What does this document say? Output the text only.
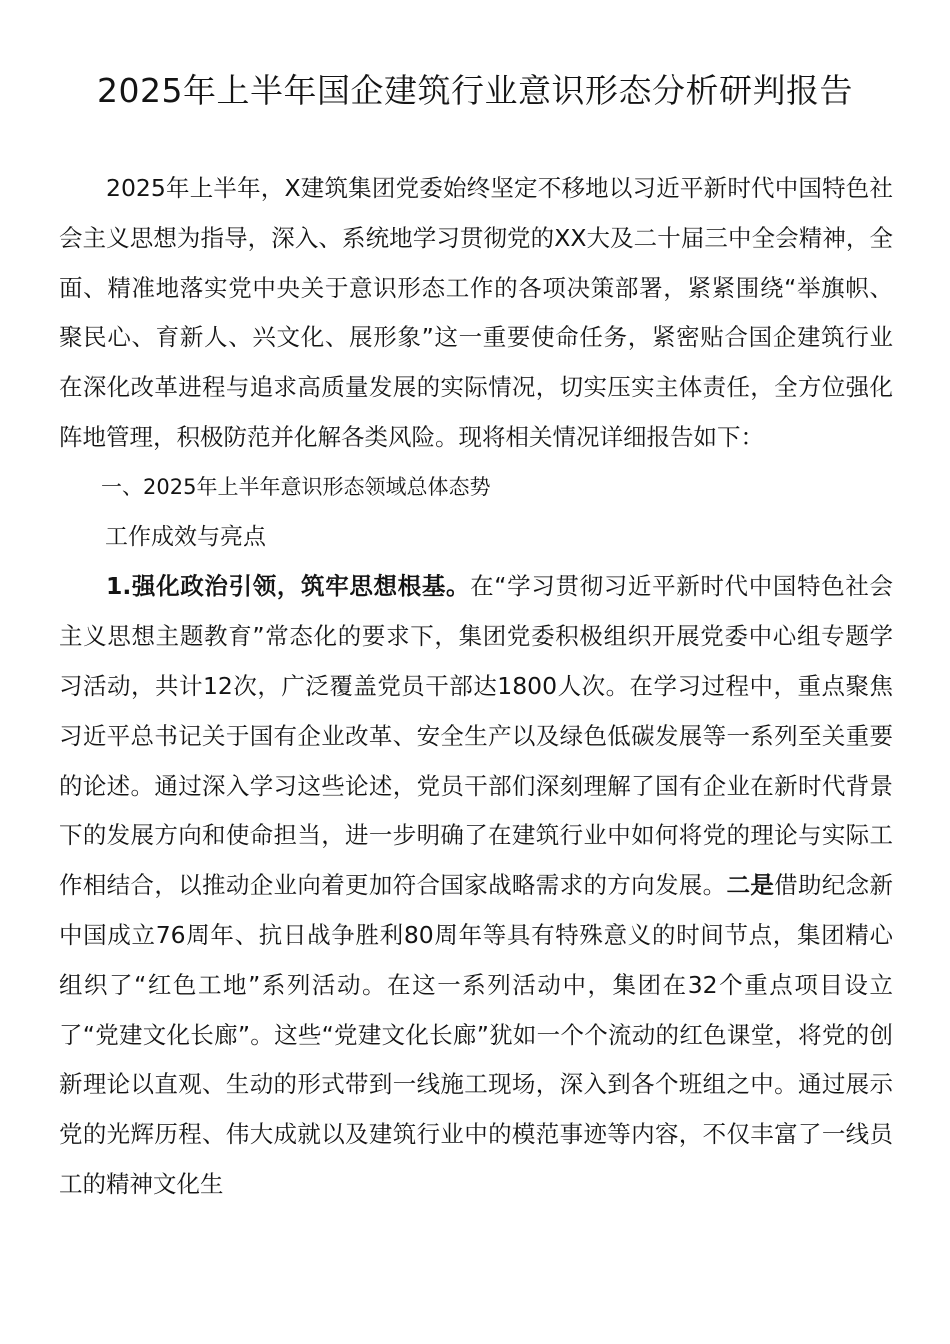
2025年上半年国企建筑行业意识形态分析研判报告

2025年上半年，X建筑集团党委始终坚定不移地以习近平新时代中国特色社会主义思想为指导，深入、系统地学习贯彻党的XX大及二十届三中全会精神，全面、精准地落实党中央关于意识形态工作的各项决策部署，紧紧围绕“举旗帜、聚民心、育新人、兴文化、展形象”这一重要使命任务，紧密贴合国企建筑行业在深化改革进程与追求高质量发展的实际情况，切实压实主体责任，全方位强化阵地管理，积极防范并化解各类风险。现将相关情况详细报告如下：

一、2025年上半年意识形态领域总体态势

工作成效与亮点

1.强化政治引领，筑牢思想根基。在“学习贯彻习近平新时代中国特色社会主义思想主题教育”常态化的要求下，集团党委积极组织开展党委中心组专题学习活动，共计12次，广泛覆盖党员干部达1800人次。在学习过程中，重点聚焦习近平总书记关于国有企业改革、安全生产以及绿色低碳发展等一系列至关重要的论述。通过深入学习这些论述，党员干部们深刻理解了国有企业在新时代背景下的发展方向和使命担当，进一步明确了在建筑行业中如何将党的理论与实际工作相结合，以推动企业向着更加符合国家战略需求的方向发展。二是借助纪念新中国成立76周年、抗日战争胜利80周年等具有特殊意义的时间节点，集团精心组织了“红色工地”系列活动。在这一系列活动中，集团在32个重点项目设立了“党建文化长廊”。这些“党建文化长廊”犹如一个个流动的红色课堂，将党的创新理论以直观、生动的形式带到一线施工现场，深入到各个班组之中。通过展示党的光辉历程、伟大成就以及建筑行业中的模范事迹等内容，不仅丰富了一线员工的精神文化生
